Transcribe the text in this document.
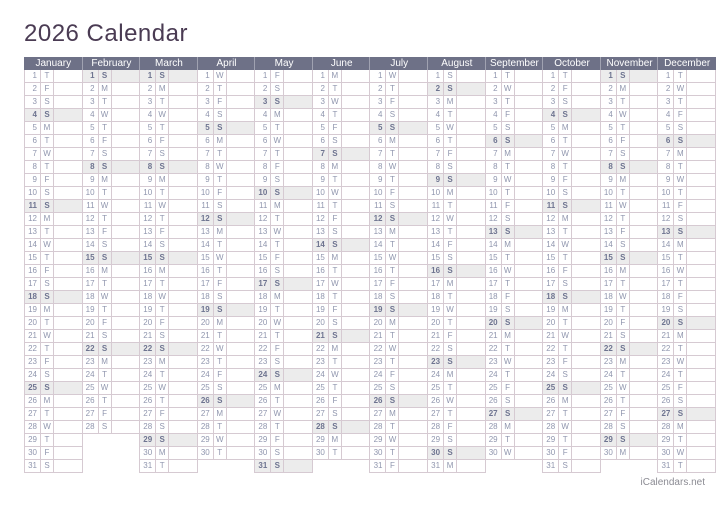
2026 Calendar
January
1 T
2 F
3 S
4 S
5 M
6 T
7 W
8 T
9 F
10 S
11 S
12 M
13 T
14 W
15 T
16 F
17 S
18 S
19 M
20 T
21 W
22 T
23 F
24 S
25 S
26 M
27 T
28 W
29 T
30 F
31 S
February
1 S
2 M
3 T
4 W
5 T
6 F
7 S
8 S
9 M
10 T
11 W
12 T
13 F
14 S
15 S
16 M
17 T
18 W
19 T
20 F
21 S
22 S
23 M
24 T
25 W
26 T
27 F
28 S
March
1 S
2 M
3 T
4 W
5 T
6 F
7 S
8 S
9 M
10 T
11 W
12 T
13 F
14 S
15 S
16 M
17 T
18 W
19 T
20 F
21 S
22 S
23 M
24 T
25 W
26 T
27 F
28 S
29 S
30 M
31 T
April
1 W
2 T
3 F
4 S
5 S
6 M
7 T
8 W
9 T
10 F
11 S
12 S
13 M
14 T
15 W
16 T
17 F
18 S
19 S
20 M
21 T
22 W
23 T
24 F
25 S
26 S
27 M
28 T
29 W
30 T
May
1 F
2 S
3 S
4 M
5 T
6 W
7 T
8 F
9 S
10 S
11 M
12 T
13 W
14 T
15 F
16 S
17 S
18 M
19 T
20 W
21 T
22 F
23 S
24 S
25 M
26 T
27 W
28 T
29 F
30 S
31 S
June
1 M
2 T
3 W
4 T
5 F
6 S
7 S
8 M
9 T
10 W
11 T
12 F
13 S
14 S
15 M
16 T
17 W
18 T
19 F
20 S
21 S
22 M
23 T
24 W
25 T
26 F
27 S
28 S
29 M
30 T
July
1 W
2 T
3 F
4 S
5 S
6 M
7 T
8 W
9 T
10 F
11 S
12 S
13 M
14 T
15 W
16 T
17 F
18 S
19 S
20 M
21 T
22 W
23 T
24 F
25 S
26 S
27 M
28 T
29 W
30 T
31 F
August
1 S
2 S
3 M
4 T
5 W
6 T
7 F
8 S
9 S
10 M
11 T
12 W
13 T
14 F
15 S
16 S
17 M
18 T
19 W
20 T
21 F
22 S
23 S
24 M
25 T
26 W
27 T
28 F
29 S
30 S
31 M
September
1 T
2 W
3 T
4 F
5 S
6 S
7 M
8 T
9 W
10 T
11 F
12 S
13 S
14 M
15 T
16 W
17 T
18 F
19 S
20 S
21 M
22 T
23 W
24 T
25 F
26 S
27 S
28 M
29 T
30 W
October
1 T
2 F
3 S
4 S
5 M
6 T
7 W
8 T
9 F
10 S
11 S
12 M
13 T
14 W
15 T
16 F
17 S
18 S
19 M
20 T
21 W
22 T
23 F
24 S
25 S
26 M
27 T
28 W
29 T
30 F
31 S
November
1 S
2 M
3 T
4 W
5 T
6 F
7 S
8 S
9 M
10 T
11 W
12 T
13 F
14 S
15 S
16 M
17 T
18 W
19 T
20 F
21 S
22 S
23 M
24 T
25 W
26 T
27 F
28 S
29 S
30 M
December
1 T
2 W
3 T
4 F
5 S
6 S
7 M
8 T
9 W
10 T
11 F
12 S
13 S
14 M
15 T
16 W
17 T
18 F
19 S
20 S
21 M
22 T
23 W
24 T
25 F
26 S
27 S
28 M
29 T
30 W
31 T
iCalendars.net
